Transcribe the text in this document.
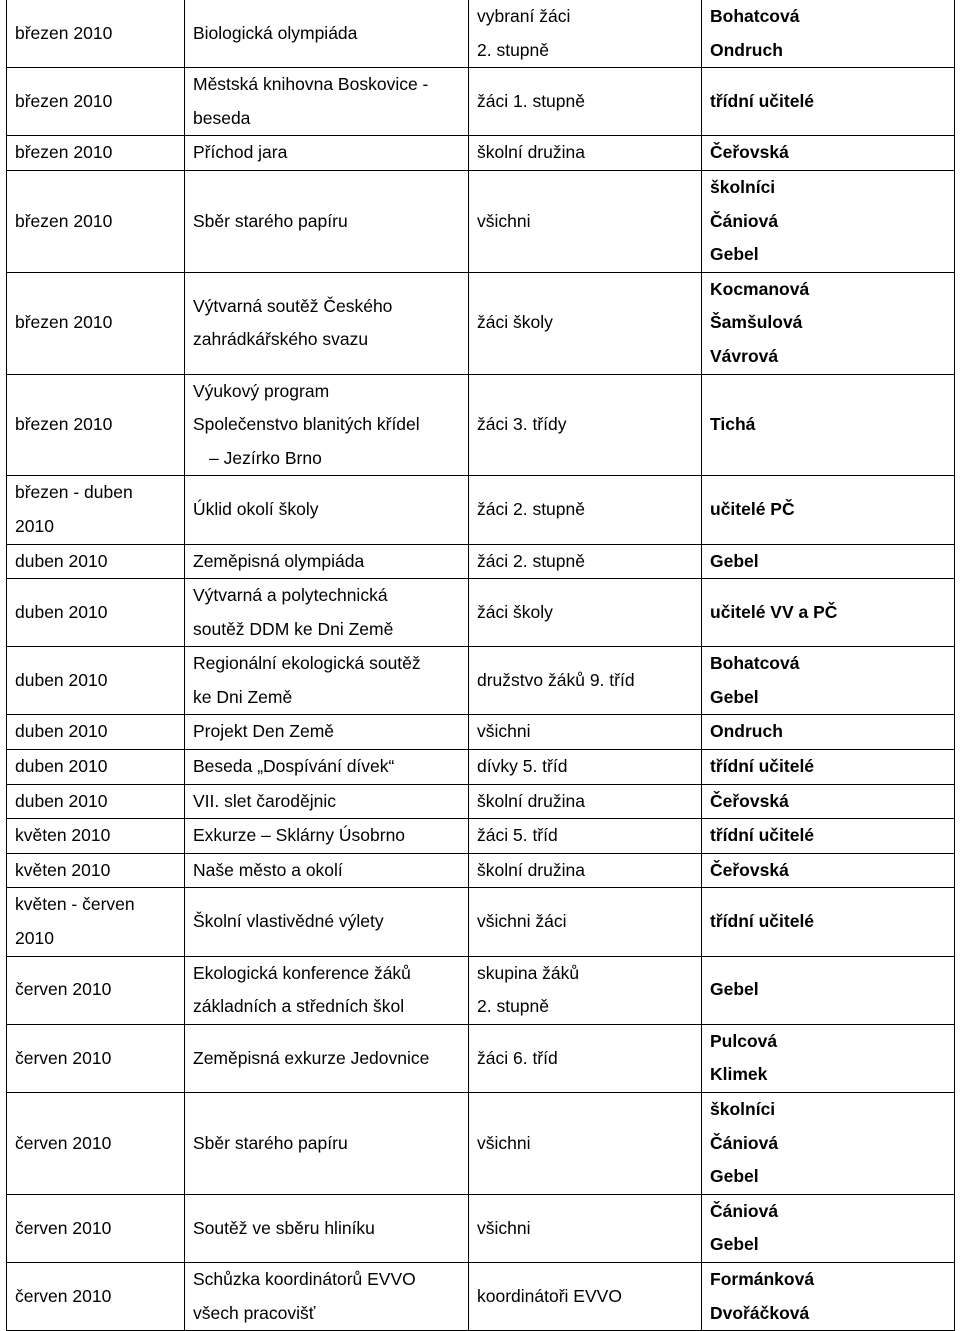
březen 2010	Biologická olympiáda	vybraní žáci
2. stupně	Bohatcová
Ondruch

březen 2010	Městská knihovna Boskovice -
beseda	žáci 1. stupně	třídní učitelé

březen 2010	Příchod jara	školní družina	Čeřovská

březen 2010	Sběr starého papíru	všichni	školníci
Čániová
Gebel

březen 2010	Výtvarná soutěž Českého
zahrádkářského svazu	žáci školy	Kocmanová
Šamšulová
Vávrová

březen 2010	Výukový program
Společenstvo blanitých křídel
– Jezírko Brno	žáci 3. třídy	Tichá

březen - duben
2010	Úklid okolí školy	žáci 2. stupně	učitelé PČ

duben 2010	Zeměpisná olympiáda	žáci 2. stupně	Gebel

duben 2010	Výtvarná a polytechnická
soutěž DDM ke Dni Země	žáci školy	učitelé VV a PČ

duben 2010	Regionální ekologická soutěž
ke Dni Země	družstvo žáků 9. tříd	Bohatcová
Gebel

duben 2010	Projekt Den Země	všichni	Ondruch

duben 2010	Beseda „Dospívání dívek“	dívky 5. tříd	třídní učitelé

duben 2010	VII. slet čarodějnic	školní družina	Čeřovská

květen 2010	Exkurze – Sklárny Úsobrno	žáci 5. tříd	třídní učitelé

květen 2010	Naše město a okolí	školní družina	Čeřovská

květen - červen
2010	Školní vlastivědné výlety	všichni žáci	třídní učitelé

červen 2010	Ekologická konference žáků
základních a středních škol	skupina žáků
2. stupně	Gebel

červen 2010	Zeměpisná exkurze Jedovnice	žáci 6. tříd	Pulcová
Klimek

červen 2010	Sběr starého papíru	všichni	školníci
Čániová
Gebel

červen 2010	Soutěž ve sběru hliníku	všichni	Čániová
Gebel

červen 2010	Schůzka koordinátorů EVVO
všech pracovišť	koordinátoři EVVO	Formánková
Dvořáčková
